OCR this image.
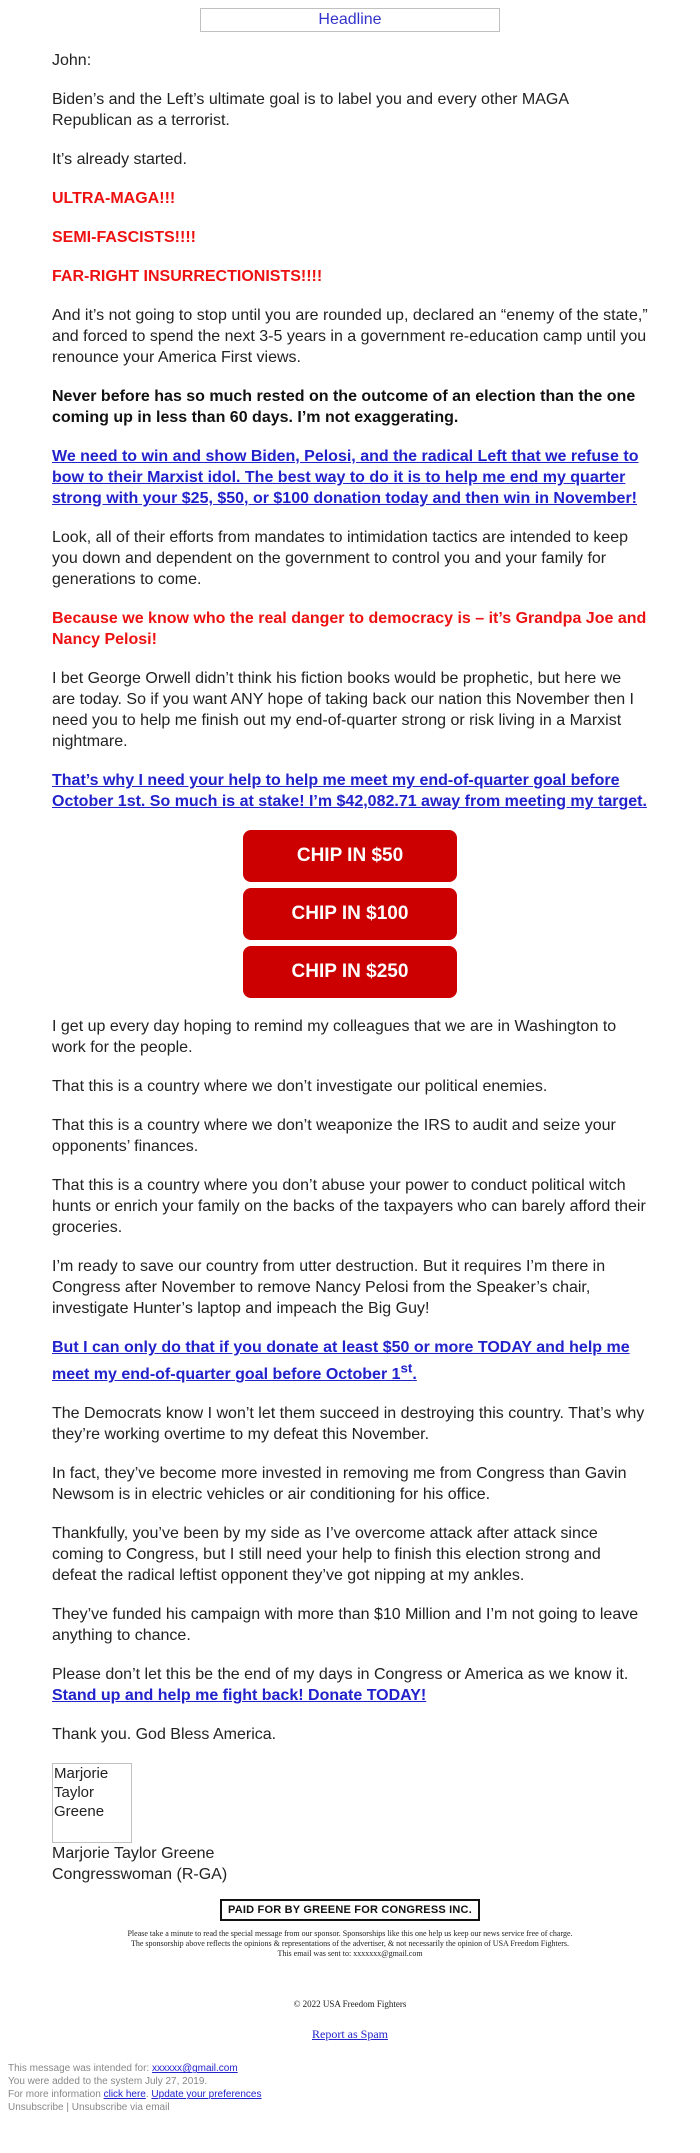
Headline

John:

Biden’s and the Left’s ultimate goal is to label you and every other MAGA Republican as a terrorist.

It’s already started.

ULTRA-MAGA!!!

SEMI-FASCISTS!!!!

FAR-RIGHT INSURRECTIONISTS!!!!

And it’s not going to stop until you are rounded up, declared an “enemy of the state,” and forced to spend the next 3-5 years in a government re-education camp until you renounce your America First views.

Never before has so much rested on the outcome of an election than the one coming up in less than 60 days. I’m not exaggerating.

We need to win and show Biden, Pelosi, and the radical Left that we refuse to bow to their Marxist idol. The best way to do it is to help me end my quarter strong with your $25, $50, or $100 donation today and then win in November!

Look, all of their efforts from mandates to intimidation tactics are intended to keep you down and dependent on the government to control you and your family for generations to come.

Because we know who the real danger to democracy is – it’s Grandpa Joe and Nancy Pelosi!

I bet George Orwell didn’t think his fiction books would be prophetic, but here we are today. So if you want ANY hope of taking back our nation this November then I need you to help me finish out my end-of-quarter strong or risk living in a Marxist nightmare.

That’s why I need your help to help me meet my end-of-quarter goal before October 1st. So much is at stake! I’m $42,082.71 away from meeting my target.

CHIP IN $50
CHIP IN $100
CHIP IN $250

I get up every day hoping to remind my colleagues that we are in Washington to work for the people.

That this is a country where we don’t investigate our political enemies.

That this is a country where we don’t weaponize the IRS to audit and seize your opponents’ finances.

That this is a country where you don’t abuse your power to conduct political witch hunts or enrich your family on the backs of the taxpayers who can barely afford their groceries.

I’m ready to save our country from utter destruction. But it requires I’m there in Congress after November to remove Nancy Pelosi from the Speaker’s chair, investigate Hunter’s laptop and impeach the Big Guy!

But I can only do that if you donate at least $50 or more TODAY and help me meet my end-of-quarter goal before October 1st.

The Democrats know I won’t let them succeed in destroying this country. That’s why they’re working overtime to my defeat this November.

In fact, they’ve become more invested in removing me from Congress than Gavin Newsom is in electric vehicles or air conditioning for his office.

Thankfully, you’ve been by my side as I’ve overcome attack after attack since coming to Congress, but I still need your help to finish this election strong and defeat the radical leftist opponent they’ve got nipping at my ankles.

They’ve funded his campaign with more than $10 Million and I’m not going to leave anything to chance.

Please don’t let this be the end of my days in Congress or America as we know it. Stand up and help me fight back! Donate TODAY!

Thank you. God Bless America.

Marjorie Taylor Greene

Marjorie Taylor Greene

Congresswoman (R-GA)

PAID FOR BY GREENE FOR CONGRESS INC.
Please take a minute to read the special message from our sponsor. Sponsorships like this one help us keep our news service free of charge.
The sponsorship above reflects the opinions & representations of the advertiser, & not necessarily the opinion of USA Freedom Fighters.
This email was sent to: xxxxxxx@gmail.com
© 2022 USA Freedom Fighters
Report as Spam
This message was intended for: xxxxxx@gmail.com
You were added to the system July 27, 2019.
For more information click here. Update your preferences
Unsubscribe | Unsubscribe via email
